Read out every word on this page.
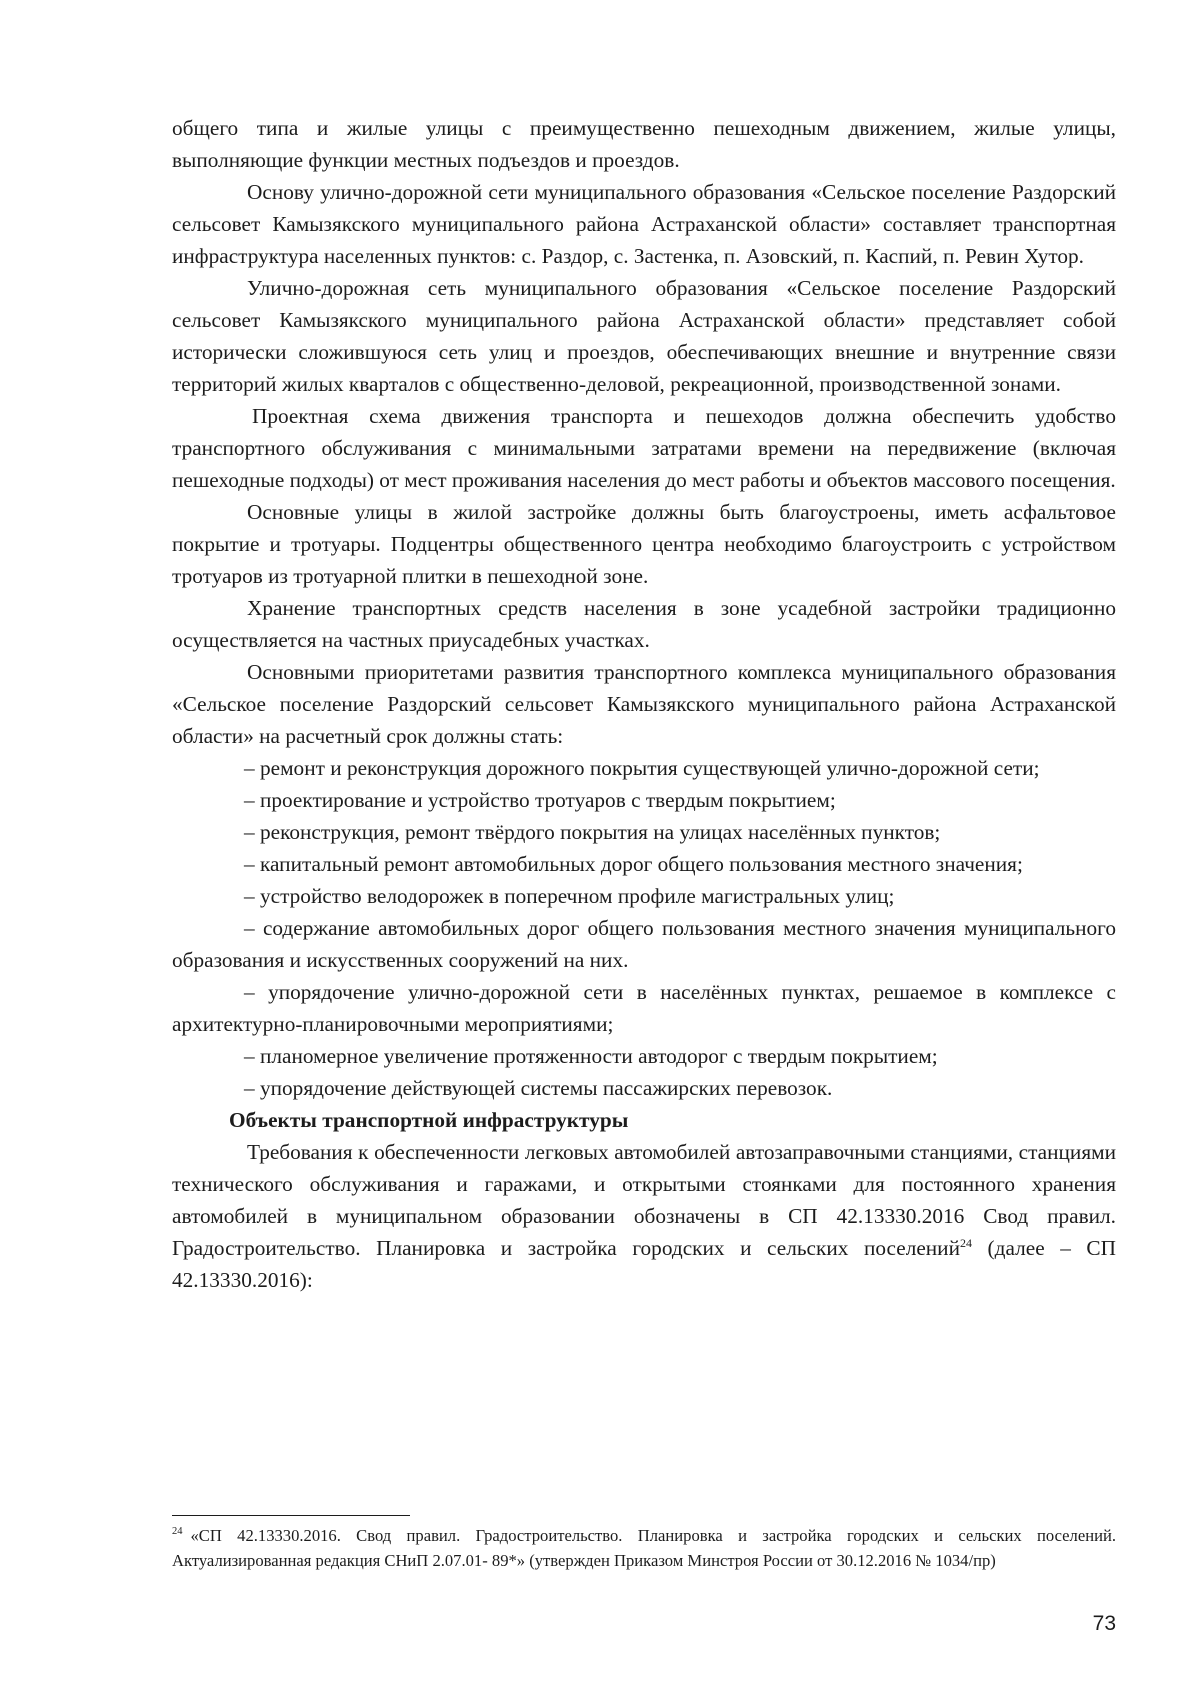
общего типа и жилые улицы с преимущественно пешеходным движением, жилые улицы, выполняющие функции местных подъездов и проездов.

Основу улично-дорожной сети муниципального образования «Сельское поселение Раздорский сельсовет Камызякского муниципального района Астраханской области» составляет транспортная инфраструктура населенных пунктов: с. Раздор, с. Застенка, п. Азовский, п. Каспий, п. Ревин Хутор.

Улично-дорожная сеть муниципального образования «Сельское поселение Раздорский сельсовет Камызякского муниципального района Астраханской области» представляет собой исторически сложившуюся сеть улиц и проездов, обеспечивающих внешние и внутренние связи территорий жилых кварталов с общественно-деловой, рекреационной, производственной зонами.

Проектная схема движения транспорта и пешеходов должна обеспечить удобство транспортного обслуживания с минимальными затратами времени на передвижение (включая пешеходные подходы) от мест проживания населения до мест работы и объектов массового посещения.

Основные улицы в жилой застройке должны быть благоустроены, иметь асфальтовое покрытие и тротуары. Подцентры общественного центра необходимо благоустроить с устройством тротуаров из тротуарной плитки в пешеходной зоне.

Хранение транспортных средств населения в зоне усадебной застройки традиционно осуществляется на частных приусадебных участках.

Основными приоритетами развития транспортного комплекса муниципального образования «Сельское поселение Раздорский сельсовет Камызякского муниципального района Астраханской области» на расчетный срок должны стать:

– ремонт и реконструкция дорожного покрытия существующей улично-дорожной сети;

– проектирование и устройство тротуаров с твердым покрытием;

– реконструкция, ремонт твёрдого покрытия на улицах населённых пунктов;

– капитальный ремонт автомобильных дорог общего пользования местного значения;

– устройство велодорожек в поперечном профиле магистральных улиц;

– содержание автомобильных дорог общего пользования местного значения муниципального образования и искусственных сооружений на них.

– упорядочение улично-дорожной сети в населённых пунктах, решаемое в комплексе с архитектурно-планировочными мероприятиями;

– планомерное увеличение протяженности автодорог с твердым покрытием;

– упорядочение действующей системы пассажирских перевозок.

Объекты транспортной инфраструктуры

Требования к обеспеченности легковых автомобилей автозаправочными станциями, станциями технического обслуживания и гаражами, и открытыми стоянками для постоянного хранения автомобилей в муниципальном образовании обозначены в СП 42.13330.2016 Свод правил. Градостроительство. Планировка и застройка городских и сельских поселений$^{24}$ (далее – СП 42.13330.2016):

$^{24}$ «СП 42.13330.2016. Свод правил. Градостроительство. Планировка и застройка городских и сельских поселений. Актуализированная редакция СНиП 2.07.01- 89*» (утвержден Приказом Минстроя России от 30.12.2016 № 1034/пр)
73
